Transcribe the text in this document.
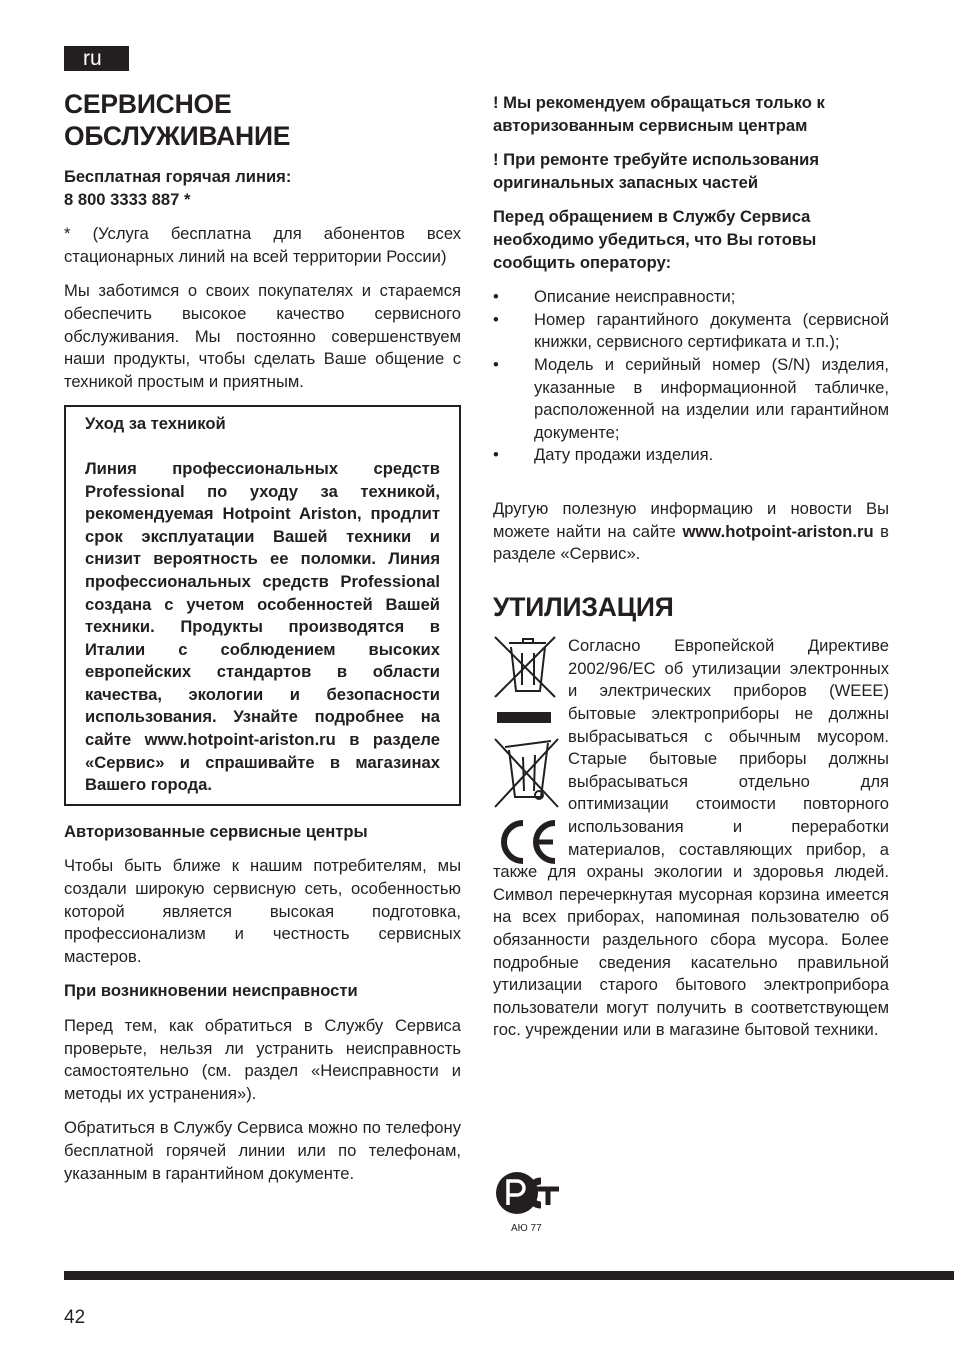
ru
СЕРВИСНОЕ ОБСЛУЖИВАНИЕ

Бесплатная горячая линия:
8 800 3333 887 *

* (Услуга бесплатна для абонентов всех стационарных линий на всей территории России)

Мы заботимся о своих покупателях и стараемся обеспечить высокое качество сервисного обслуживания. Мы постоянно совершенствуем наши продукты, чтобы сделать Ваше общение с техникой простым и приятным.

Уход за техникой

Линия профессиональных средств Professional по уходу за техникой, рекомендуемая Hotpoint Ariston, продлит срок эксплуатации Вашей техники и снизит вероятность ее поломки. Линия профессиональных средств Professional создана с учетом особенностей Вашей техники. Продукты производятся в Италии с соблюдением высоких европейских стандартов в области качества, экологии и безопасности использования. Узнайте подробнее на сайте www.hotpoint-ariston.ru в разделе «Сервис» и спрашивайте в магазинах Вашего города.

Авторизованные сервисные центры

Чтобы быть ближе к нашим потребителям, мы создали широкую сервисную сеть, особенностью которой является высокая подготовка, профессионализм и честность сервисных мастеров.

При возникновении неисправности

Перед тем, как обратиться в Службу Сервиса проверьте, нельзя ли устранить неисправность самостоятельно (см. раздел «Неисправности и методы их устранения»).

Обратиться в Службу Сервиса можно по телефону бесплатной горячей линии или по телефонам, указанным в гарантийном документе.

! Мы рекомендуем обращаться только к авторизованным сервисным центрам

! При ремонте требуйте использования оригинальных запасных частей

Перед обращением в Службу Сервиса необходимо убедиться, что Вы готовы сообщить оператору:

• Описание неисправности;
• Номер гарантийного документа (сервисной книжки, сервисного сертификата и т.п.);
• Модель и серийный номер (S/N) изделия, указанные в информационной табличке, расположенной на изделии или гарантийном документе;
• Дату продажи изделия.

Другую полезную информацию и новости Вы можете найти на сайте www.hotpoint-ariston.ru в разделе «Сервис».

УТИЛИЗАЦИЯ

Согласно Европейской Директиве 2002/96/EC об утилизации электронных и электрических приборов (WEEE) бытовые электроприборы не должны выбрасываться с обычным мусором. Старые бытовые приборы должны выбрасываться отдельно для оптимизации стоимости повторного использования и переработки материалов, составляющих прибор, а также для охраны экологии и здоровья людей. Символ перечеркнутая мусорная корзина имеется на всех приборах, напоминая пользователю об обязанности раздельного сбора мусора. Более подробные сведения касательно правильной утилизации старого бытового электроприбора пользователи могут получить в соответствующем гос. учреждении или в магазине бытовой техники.

АЮ 77
42
